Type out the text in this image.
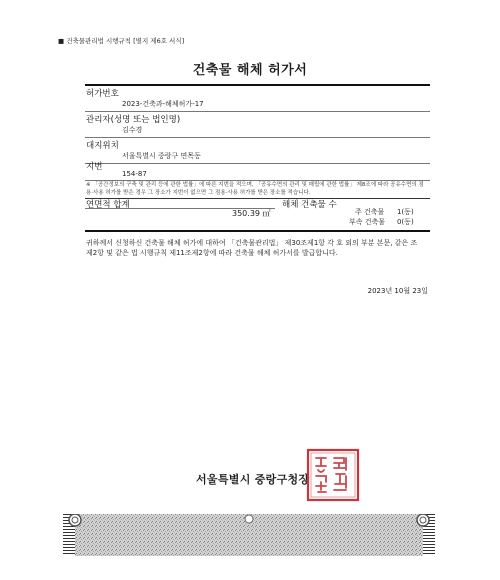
■ 건축물관리법 시행규칙 [별지 제6호 서식]
건축물 해체 허가서
허가번호
2023-건축과-해체허가-17
관리자(성명 또는 법인명)
김수경
대지위치
서울특별시 중랑구 면목동
지번
154-87
※ 「공간정보의 구축 및 관리 등에 관한 법률」에 따른 지번을 적으며, 「공유수면의 관리 및 매립에 관한 법률」 제8조에 따라 공유수면의 점용·사용 허가를 받은 경우 그 장소가 지번이 없으면 그 점용·사용 허가를 받은 장소를 적습니다.
연면적 합계	해체 건축물 수
350.39 ㎡	주 건축물 1(동)
부속 건축물 0(동)
귀하께서 신청하신 건축물 해체 허가에 대하여 「건축물관리법」 제30조제1항 각 호 외의 부분 본문, 같은 조 제2항 및 같은 법 시행규칙 제11조제2항에 따라 건축물 해체 허가서를 발급합니다.
2023년 10월 23일
서울특별시 중랑구청장
